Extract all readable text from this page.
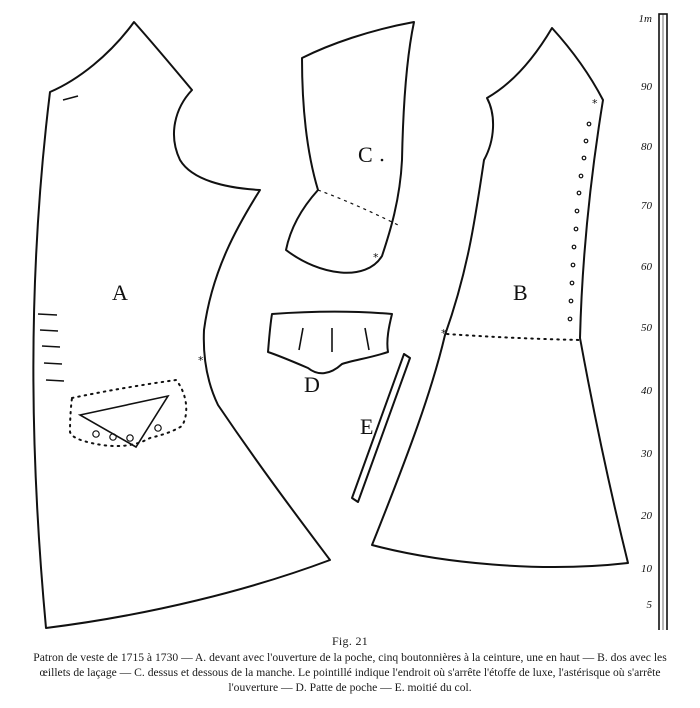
*
A
*
C
D
E
*
*
B
1m
90
80
70
60
50
40
30
20
10
5
Fig. 21
Patron de veste de 1715 à 1730 — A. devant avec l'ouverture de la poche, cinq boutonnières à la ceinture, une en haut — B. dos avec les œillets de laçage — C. dessus et dessous de la manche. Le pointillé indique l'endroit où s'arrête l'étoffe de luxe, l'astérisque où s'arrête l'ouverture — D. Patte de poche — E. moitié du col.
